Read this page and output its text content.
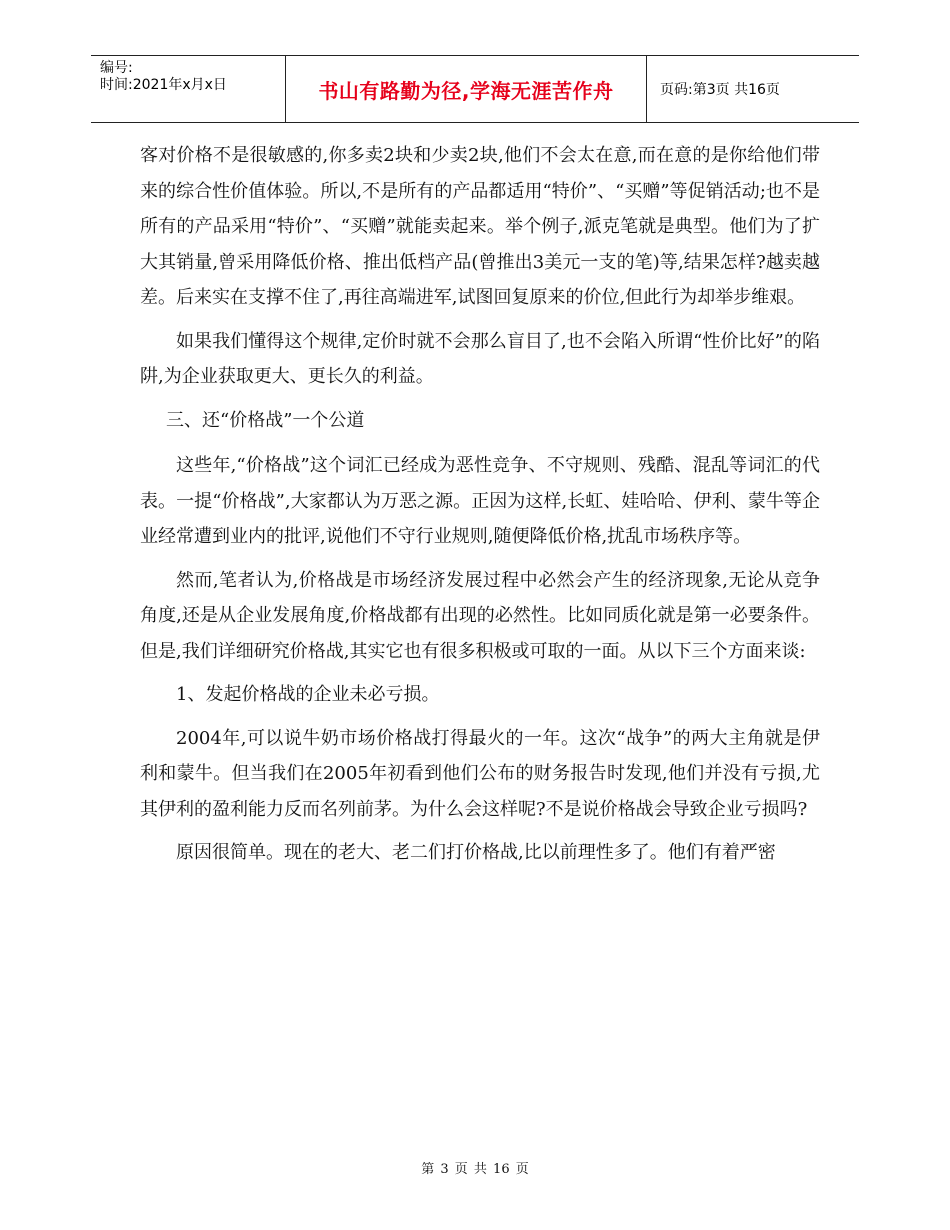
编号:
时间:2021年x月x日	书山有路勤为径,学海无涯苦作舟	页码:第3页 共16页

客对价格不是很敏感的,你多卖2块和少卖2块,他们不会太在意,而在意的是你给他们带来的综合性价值体验。所以,不是所有的产品都适用“特价”、“买赠”等促销活动;也不是所有的产品采用“特价”、“买赠”就能卖起来。举个例子,派克笔就是典型。他们为了扩大其销量,曾采用降低价格、推出低档产品(曾推出3美元一支的笔)等,结果怎样?越卖越差。后来实在支撑不住了,再往高端进军,试图回复原来的价位,但此行为却举步维艰。

如果我们懂得这个规律,定价时就不会那么盲目了,也不会陷入所谓“性价比好”的陷阱,为企业获取更大、更长久的利益。

三、还“价格战”一个公道

这些年,“价格战”这个词汇已经成为恶性竞争、不守规则、残酷、混乱等词汇的代表。一提“价格战”,大家都认为万恶之源。正因为这样,长虹、娃哈哈、伊利、蒙牛等企业经常遭到业内的批评,说他们不守行业规则,随便降低价格,扰乱市场秩序等。

然而,笔者认为,价格战是市场经济发展过程中必然会产生的经济现象,无论从竞争角度,还是从企业发展角度,价格战都有出现的必然性。比如同质化就是第一必要条件。但是,我们详细研究价格战,其实它也有很多积极或可取的一面。从以下三个方面来谈:

1、发起价格战的企业未必亏损。

2004年,可以说牛奶市场价格战打得最火的一年。这次“战争”的两大主角就是伊利和蒙牛。但当我们在2005年初看到他们公布的财务报告时发现,他们并没有亏损,尤其伊利的盈利能力反而名列前茅。为什么会这样呢?不是说价格战会导致企业亏损吗?

原因很简单。现在的老大、老二们打价格战,比以前理性多了。他们有着严密

第 3 页 共 16 页
